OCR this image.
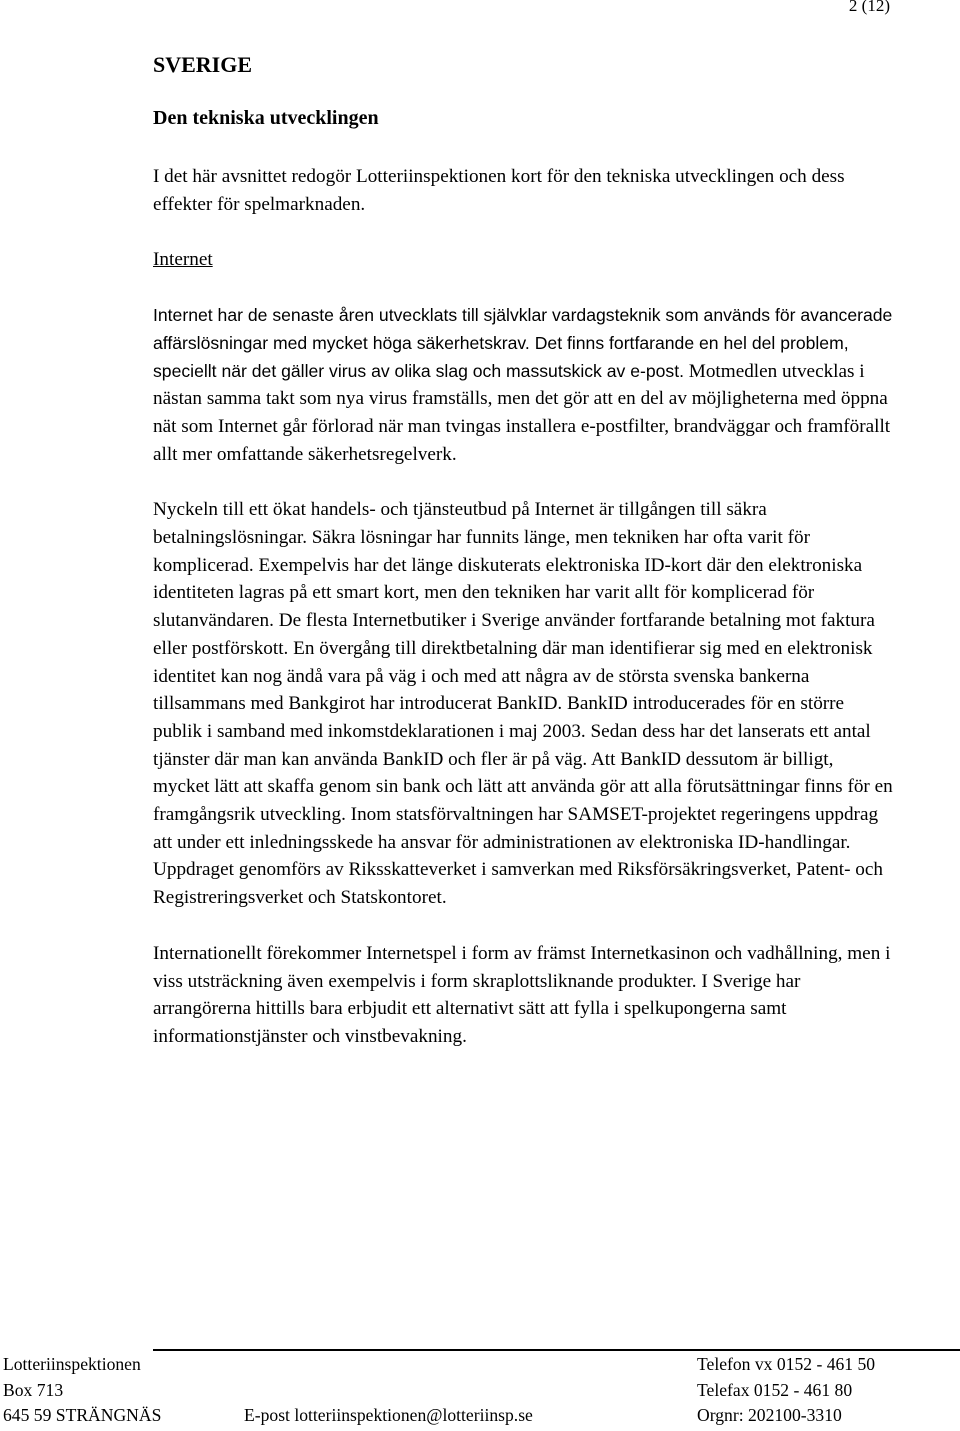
2 (12)
SVERIGE
Den tekniska utvecklingen

I det här avsnittet redogör Lotteriinspektionen kort för den tekniska utvecklingen och dess effekter för spelmarknaden.

Internet

Internet har de senaste åren utvecklats till självklar vardagsteknik som används för avancerade affärslösningar med mycket höga säkerhetskrav. Det finns fortfarande en hel del problem, speciellt när det gäller virus av olika slag och massutskick av e-post. Motmedlen utvecklas i nästan samma takt som nya virus framställs, men det gör att en del av möjligheterna med öppna nät som Internet går förlorad när man tvingas installera e-postfilter, brandväggar och framförallt allt mer omfattande säkerhetsregelverk.

Nyckeln till ett ökat handels- och tjänsteutbud på Internet är tillgången till säkra betalningslösningar. Säkra lösningar har funnits länge, men tekniken har ofta varit för komplicerad. Exempelvis har det länge diskuterats elektroniska ID-kort där den elektroniska identiteten lagras på ett smart kort, men den tekniken har varit allt för komplicerad för slutanvändaren. De flesta Internetbutiker i Sverige använder fortfarande betalning mot faktura eller postförskott. En övergång till direktbetalning där man identifierar sig med en elektronisk identitet kan nog ändå vara på väg i och med att några av de största svenska bankerna tillsammans med Bankgirot har introducerat BankID. BankID introducerades för en större publik i samband med inkomstdeklarationen i maj 2003. Sedan dess har det lanserats ett antal tjänster där man kan använda BankID och fler är på väg. Att BankID dessutom är billigt, mycket lätt att skaffa genom sin bank och lätt att använda gör att alla förutsättningar finns för en framgångsrik utveckling. Inom statsförvaltningen har SAMSET-projektet regeringens uppdrag att under ett inledningsskede ha ansvar för administrationen av elektroniska ID-handlingar. Uppdraget genomförs av Riksskatteverket i samverkan med Riksförsäkringsverket, Patent- och Registreringsverket och Statskontoret.

Internationellt förekommer Internetspel i form av främst Internetkasinon och vadhållning, men i viss utsträckning även exempelvis i form skraplottsliknande produkter. I Sverige har arrangörerna hittills bara erbjudit ett alternativt sätt att fylla i spelkupongerna samt informationstjänster och vinstbevakning.

Lotteriinspektionen	Telefon vx 0152 - 461 50
Box 713	Telefax 0152 - 461 80
645 59 STRÄNGNÄS	E-post lotteriinspektionen@lotteriinsp.se	Orgnr: 202100-3310
